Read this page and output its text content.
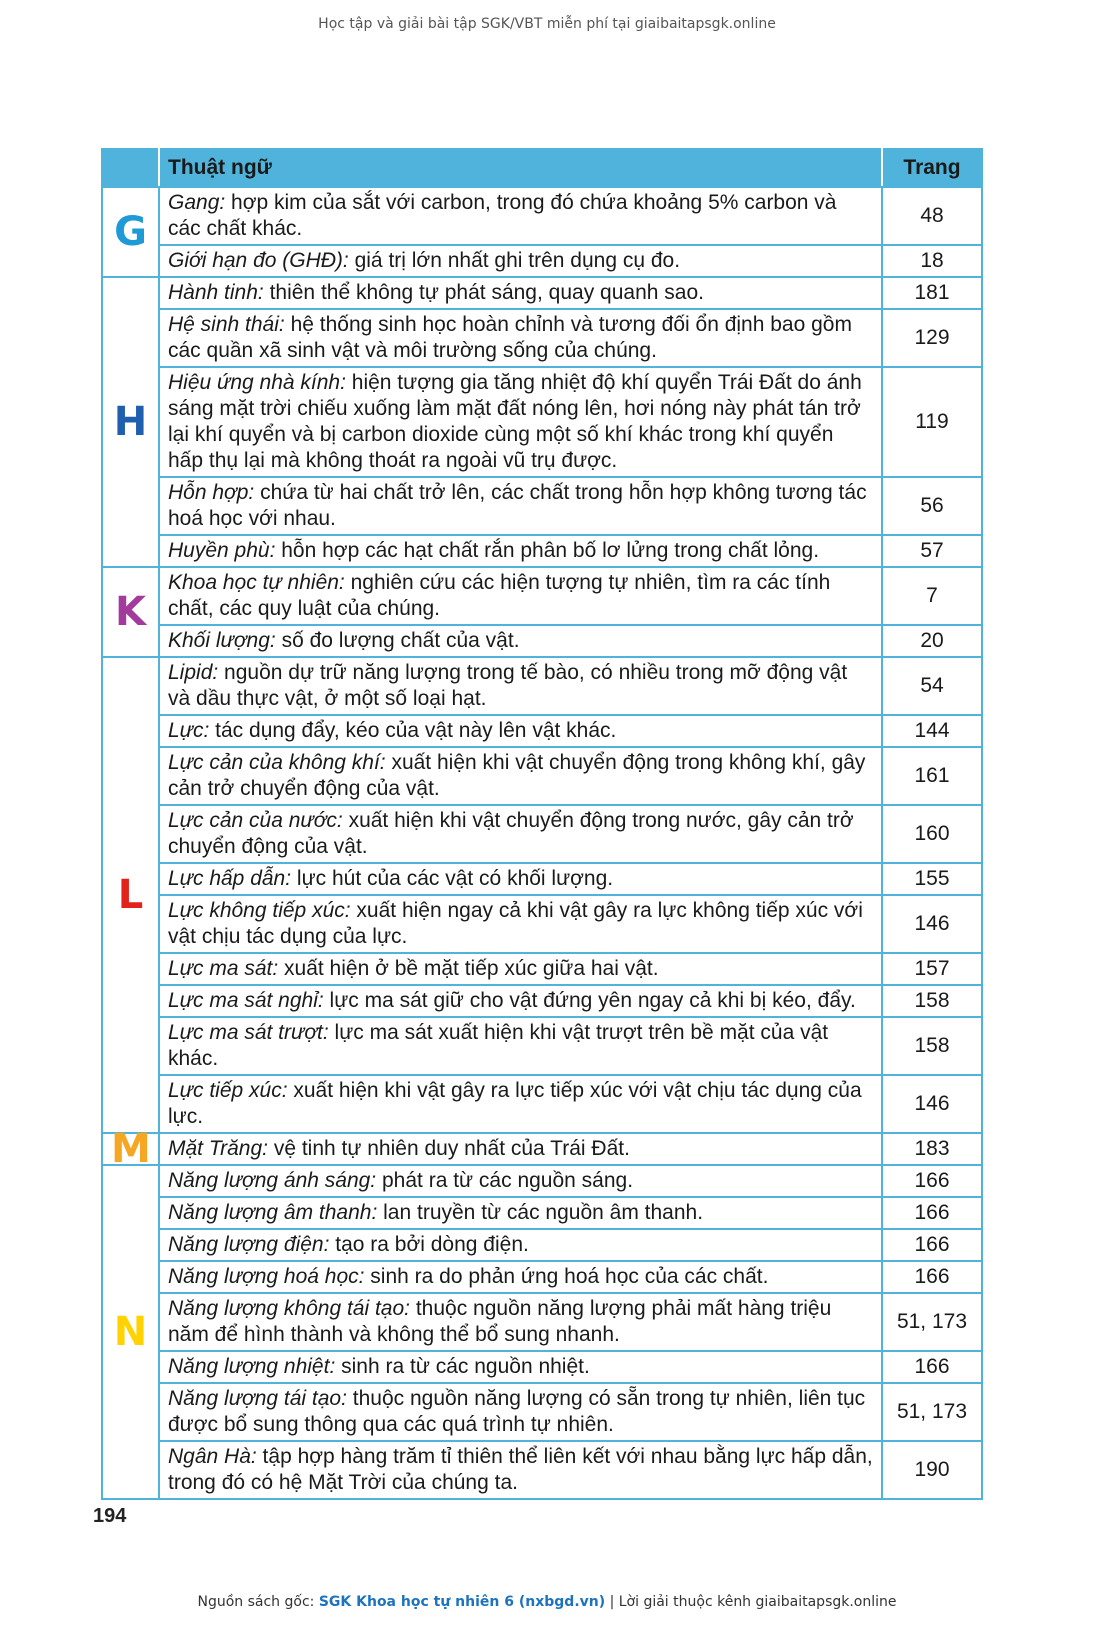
Học tập và giải bài tập SGK/VBT miễn phí tại giaibaitapsgk.online
	Thuật ngữ	Trang
G	Gang: hợp kim của sắt với carbon, trong đó chứa khoảng 5% carbon và các chất khác.	48
	Giới hạn đo (GHĐ): giá trị lớn nhất ghi trên dụng cụ đo.	18
H	Hành tinh: thiên thể không tự phát sáng, quay quanh sao.	181
	Hệ sinh thái: hệ thống sinh học hoàn chỉnh và tương đối ổn định bao gồm các quần xã sinh vật và môi trường sống của chúng.	129
	Hiệu ứng nhà kính: hiện tượng gia tăng nhiệt độ khí quyển Trái Đất do ánh sáng mặt trời chiếu xuống làm mặt đất nóng lên, hơi nóng này phát tán trở lại khí quyển và bị carbon dioxide cùng một số khí khác trong khí quyển hấp thụ lại mà không thoát ra ngoài vũ trụ được.	119
	Hỗn hợp: chứa từ hai chất trở lên, các chất trong hỗn hợp không tương tác hoá học với nhau.	56
	Huyền phù: hỗn hợp các hạt chất rắn phân bố lơ lửng trong chất lỏng.	57
K	Khoa học tự nhiên: nghiên cứu các hiện tượng tự nhiên, tìm ra các tính chất, các quy luật của chúng.	7
	Khối lượng: số đo lượng chất của vật.	20
L	Lipid: nguồn dự trữ năng lượng trong tế bào, có nhiều trong mỡ động vật và dầu thực vật, ở một số loại hạt.	54
	Lực: tác dụng đẩy, kéo của vật này lên vật khác.	144
	Lực cản của không khí: xuất hiện khi vật chuyển động trong không khí, gây cản trở chuyển động của vật.	161
	Lực cản của nước: xuất hiện khi vật chuyển động trong nước, gây cản trở chuyển động của vật.	160
	Lực hấp dẫn: lực hút của các vật có khối lượng.	155
	Lực không tiếp xúc: xuất hiện ngay cả khi vật gây ra lực không tiếp xúc với vật chịu tác dụng của lực.	146
	Lực ma sát: xuất hiện ở bề mặt tiếp xúc giữa hai vật.	157
	Lực ma sát nghỉ: lực ma sát giữ cho vật đứng yên ngay cả khi bị kéo, đẩy.	158
	Lực ma sát trượt: lực ma sát xuất hiện khi vật trượt trên bề mặt của vật khác.	158
	Lực tiếp xúc: xuất hiện khi vật gây ra lực tiếp xúc với vật chịu tác dụng của lực.	146
M	Mặt Trăng: vệ tinh tự nhiên duy nhất của Trái Đất.	183
N	Năng lượng ánh sáng: phát ra từ các nguồn sáng.	166
	Năng lượng âm thanh: lan truyền từ các nguồn âm thanh.	166
	Năng lượng điện: tạo ra bởi dòng điện.	166
	Năng lượng hoá học: sinh ra do phản ứng hoá học của các chất.	166
	Năng lượng không tái tạo: thuộc nguồn năng lượng phải mất hàng triệu năm để hình thành và không thể bổ sung nhanh.	51, 173
	Năng lượng nhiệt: sinh ra từ các nguồn nhiệt.	166
	Năng lượng tái tạo: thuộc nguồn năng lượng có sẵn trong tự nhiên, liên tục được bổ sung thông qua các quá trình tự nhiên.	51, 173
	Ngân Hà: tập hợp hàng trăm tỉ thiên thể liên kết với nhau bằng lực hấp dẫn, trong đó có hệ Mặt Trời của chúng ta.	190
194
Nguồn sách gốc: SGK Khoa học tự nhiên 6 (nxbgd.vn) | Lời giải thuộc kênh giaibaitapsgk.online
